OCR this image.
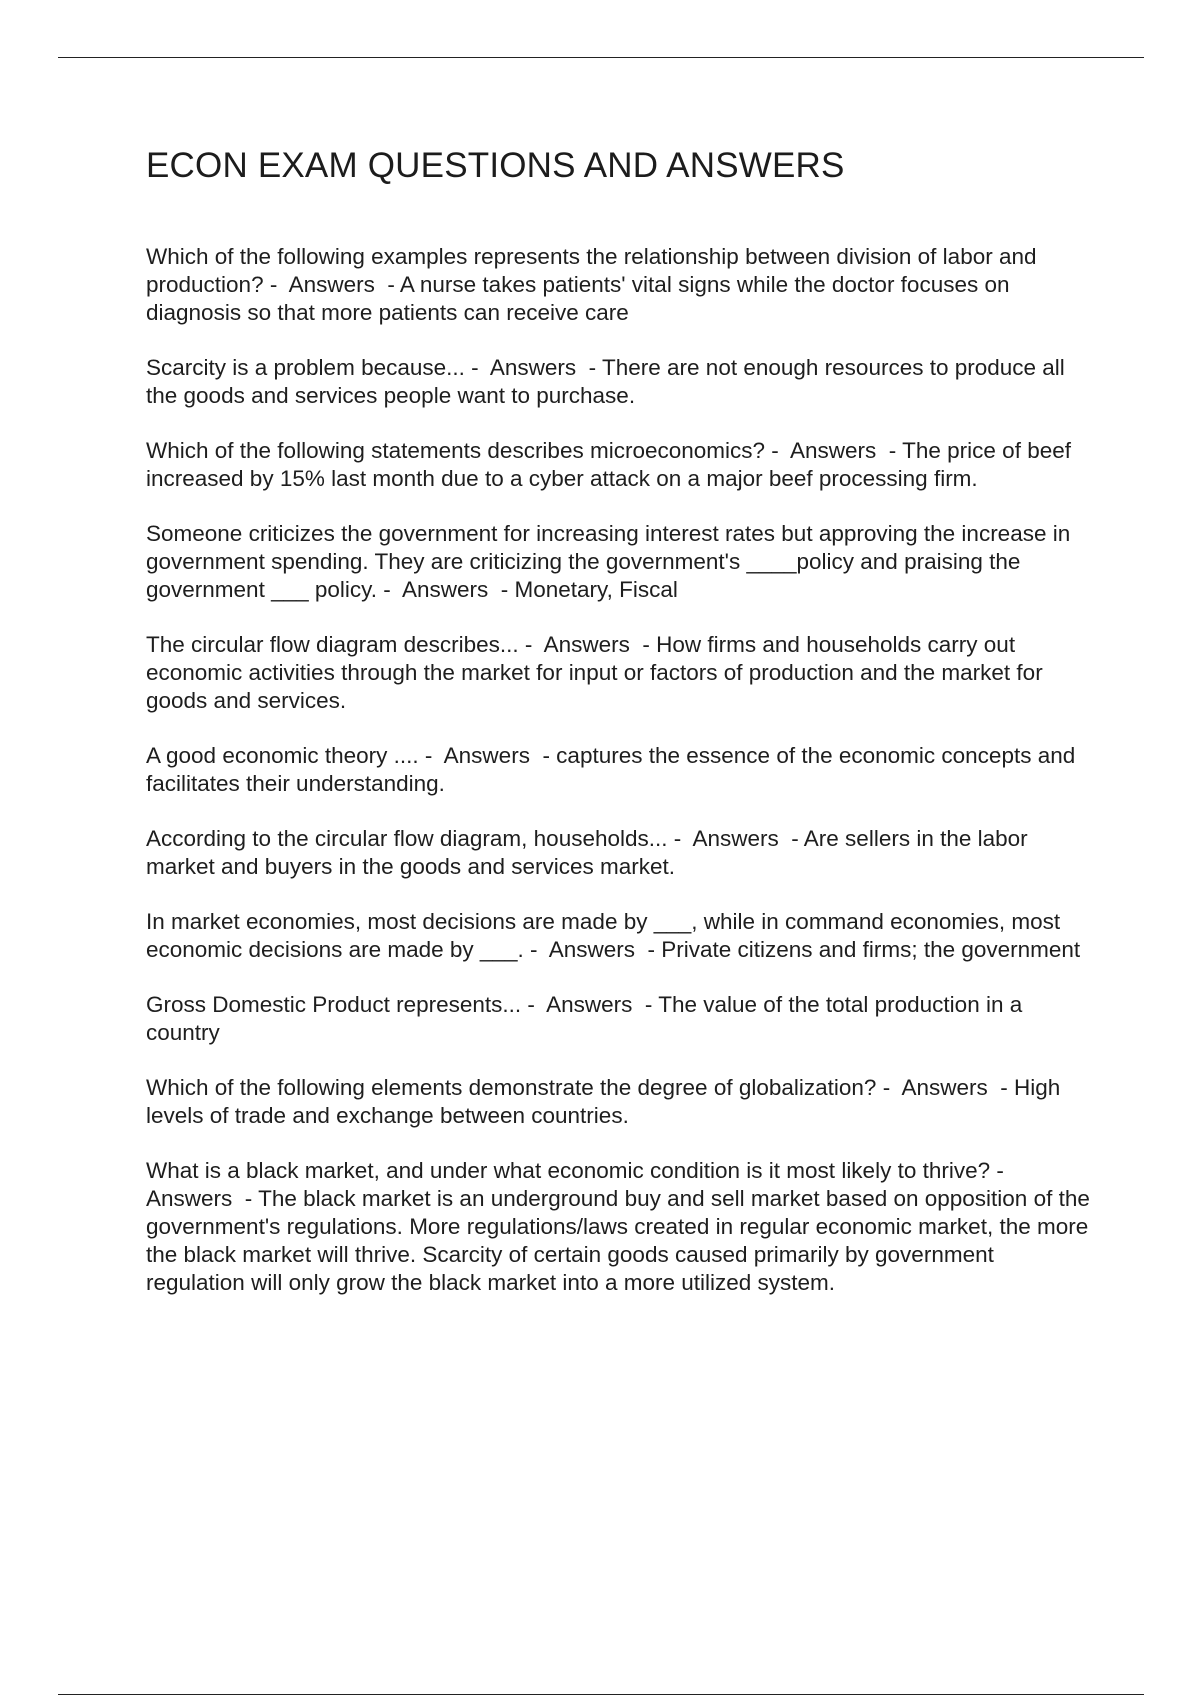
ECON EXAM QUESTIONS AND ANSWERS

Which of the following examples represents the relationship between division of labor and production? -  Answers  - A nurse takes patients' vital signs while the doctor focuses on diagnosis so that more patients can receive care

Scarcity is a problem because... -  Answers  - There are not enough resources to produce all the goods and services people want to purchase.

Which of the following statements describes microeconomics? -  Answers  - The price of beef increased by 15% last month due to a cyber attack on a major beef processing firm.

Someone criticizes the government for increasing interest rates but approving the increase in government spending. They are criticizing the government's ____policy and praising the government ___ policy. -  Answers  - Monetary, Fiscal

The circular flow diagram describes... -  Answers  - How firms and households carry out economic activities through the market for input or factors of production and the market for goods and services.

A good economic theory .... -  Answers  - captures the essence of the economic concepts and facilitates their understanding.

According to the circular flow diagram, households... -  Answers  - Are sellers in the labor market and buyers in the goods and services market.

In market economies, most decisions are made by ___, while in command economies, most economic decisions are made by ___. -  Answers  - Private citizens and firms; the government

Gross Domestic Product represents... -  Answers  - The value of the total production in a country

Which of the following elements demonstrate the degree of globalization? -  Answers  - High levels of trade and exchange between countries.

What is a black market, and under what economic condition is it most likely to thrive? -  Answers  - The black market is an underground buy and sell market based on opposition of the government's regulations. More regulations/laws created in regular economic market, the more the black market will thrive. Scarcity of certain goods caused primarily by government regulation will only grow the black market into a more utilized system.
